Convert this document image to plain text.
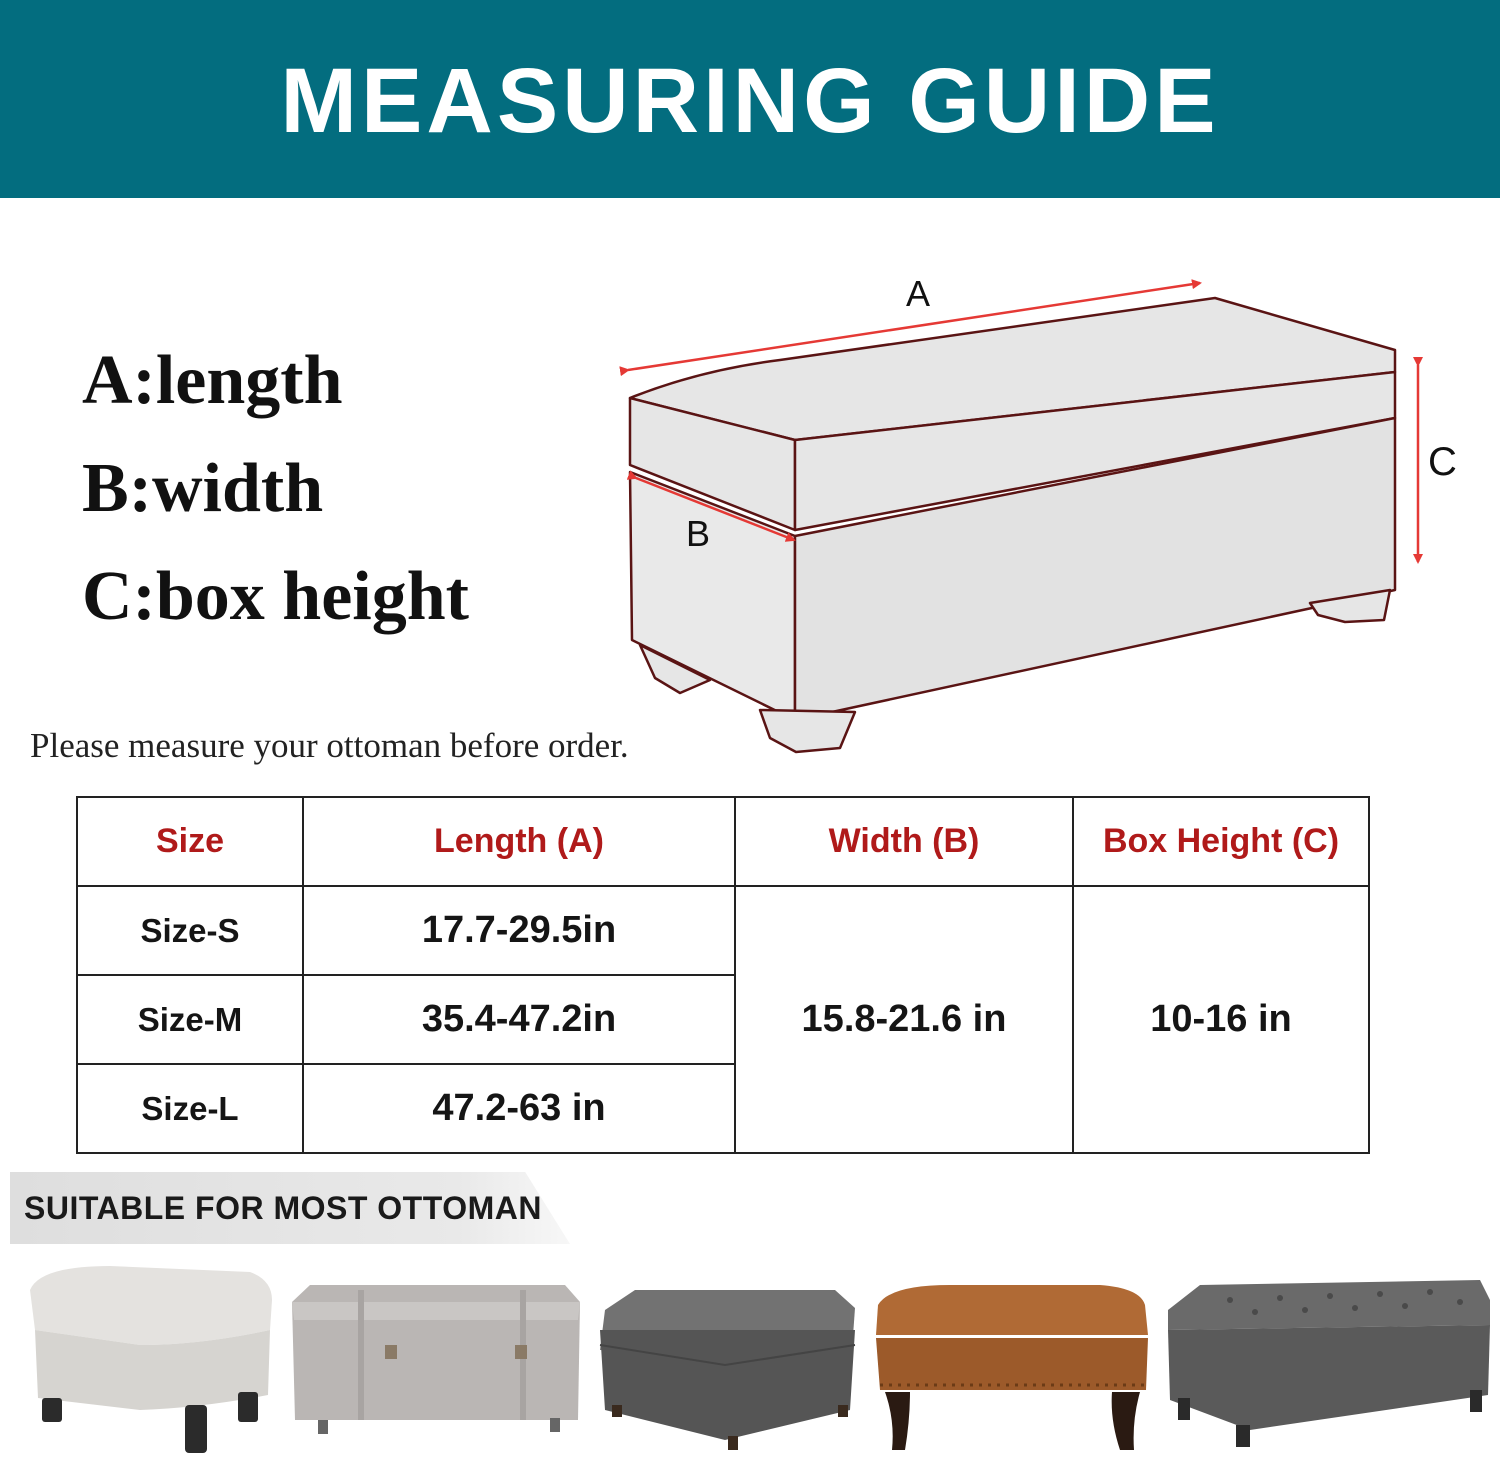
MEASURING GUIDE
A:length
B:width
C:box height
A
B
C
Please measure your ottoman before order.
Size	Length (A)	Width (B)	Box Height (C)
Size-S	17.7-29.5in	15.8-21.6 in	10-16 in
Size-M	35.4-47.2in		
Size-L	47.2-63 in		
SUITABLE FOR MOST OTTOMAN
